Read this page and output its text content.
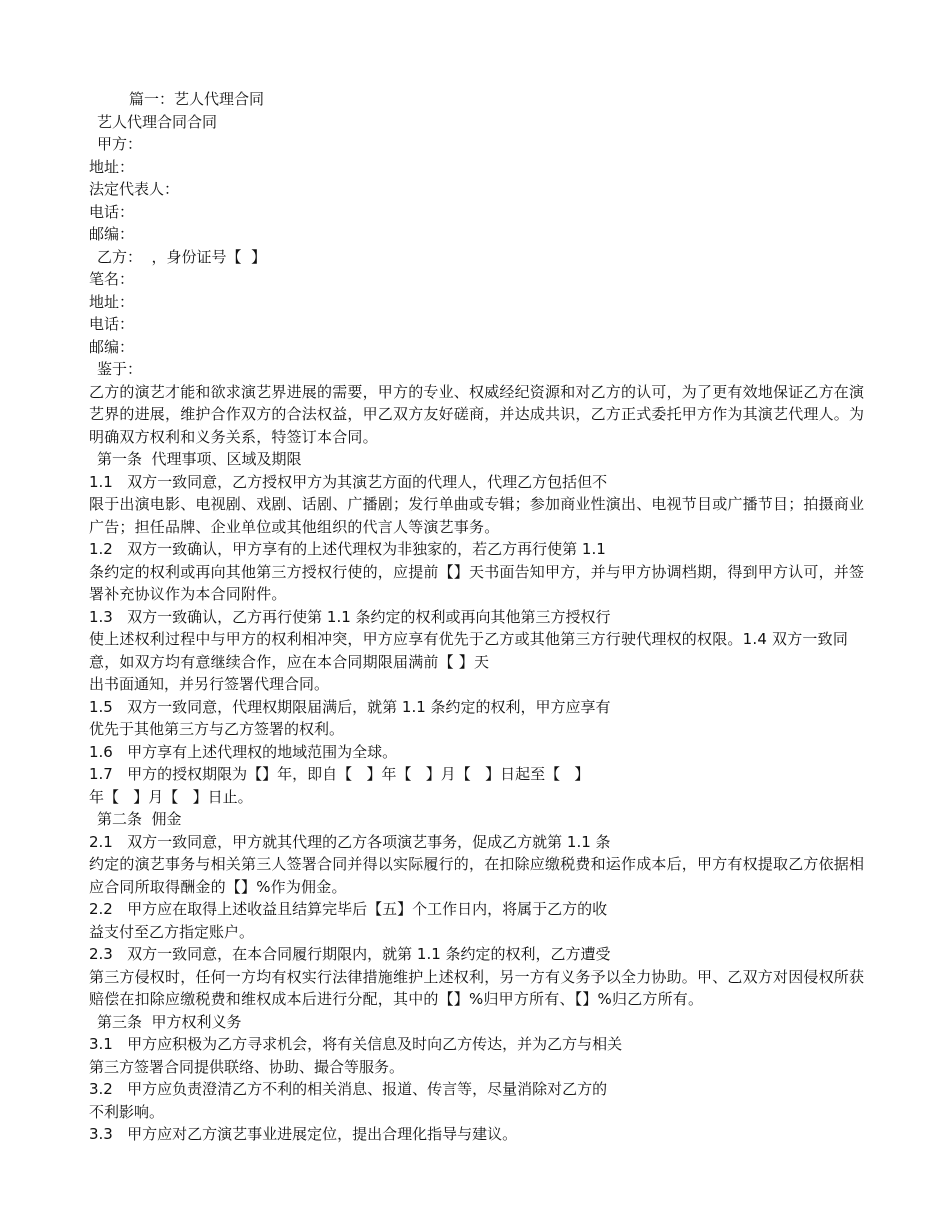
篇一：艺人代理合同
艺人代理合同合同
甲方：
地址：
法定代表人：
电话：
邮编：
乙方：  ，身份证号【  】
笔名：
地址：
电话：
邮编：
鉴于：
乙方的演艺才能和欲求演艺界进展的需要，甲方的专业、权威经纪资源和对乙方的认可，为了更有效地保证乙方在演艺界的进展，维护合作双方的合法权益，甲乙双方友好磋商，并达成共识，乙方正式委托甲方作为其演艺代理人。为明确双方权利和义务关系，特签订本合同。
第一条  代理事项、区域及期限
1.1   双方一致同意，乙方授权甲方为其演艺方面的代理人，代理乙方包括但不
限于出演电影、电视剧、戏剧、话剧、广播剧；发行单曲或专辑；参加商业性演出、电视节目或广播节目；拍摄商业广告；担任品牌、企业单位或其他组织的代言人等演艺事务。
1.2   双方一致确认，甲方享有的上述代理权为非独家的，若乙方再行使第 1.1
条约定的权利或再向其他第三方授权行使的，应提前【】天书面告知甲方，并与甲方协调档期，得到甲方认可，并签署补充协议作为本合同附件。
1.3   双方一致确认，乙方再行使第 1.1 条约定的权利或再向其他第三方授权行
使上述权利过程中与甲方的权利相冲突，甲方应享有优先于乙方或其他第三方行驶代理权的权限。1.4 双方一致同意，如双方均有意继续合作，应在本合同期限届满前【 】天
出书面通知，并另行签署代理合同。
1.5   双方一致同意，代理权期限届满后，就第 1.1 条约定的权利，甲方应享有
优先于其他第三方与乙方签署的权利。
1.6   甲方享有上述代理权的地域范围为全球。
1.7   甲方的授权期限为【】年，即自【   】年【   】月【   】日起至【   】
年【   】月【   】日止。
第二条  佣金
2.1   双方一致同意，甲方就其代理的乙方各项演艺事务，促成乙方就第 1.1 条
约定的演艺事务与相关第三人签署合同并得以实际履行的，在扣除应缴税费和运作成本后，甲方有权提取乙方依据相应合同所取得酬金的【】%作为佣金。
2.2   甲方应在取得上述收益且结算完毕后【五】个工作日内，将属于乙方的收
益支付至乙方指定账户。
2.3   双方一致同意，在本合同履行期限内，就第 1.1 条约定的权利，乙方遭受
第三方侵权时，任何一方均有权实行法律措施维护上述权利，另一方有义务予以全力协助。甲、乙双方对因侵权所获赔偿在扣除应缴税费和维权成本后进行分配，其中的【】%归甲方所有、【】%归乙方所有。
第三条  甲方权利义务
3.1   甲方应积极为乙方寻求机会，将有关信息及时向乙方传达，并为乙方与相关
第三方签署合同提供联络、协助、撮合等服务。
3.2   甲方应负责澄清乙方不利的相关消息、报道、传言等，尽量消除对乙方的
不利影响。
3.3   甲方应对乙方演艺事业进展定位，提出合理化指导与建议。
